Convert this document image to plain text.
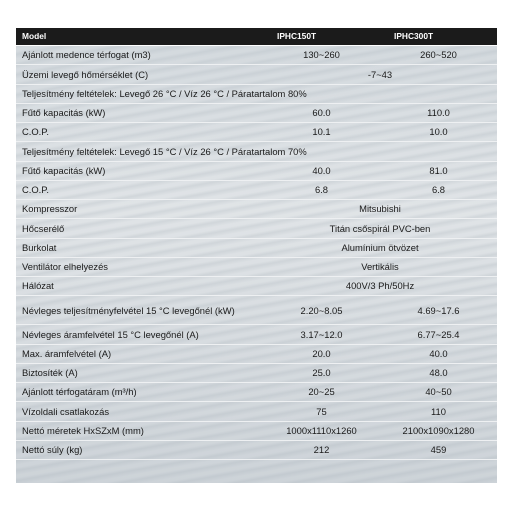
Model	IPHC150T	IPHC300T
Ajánlott medence térfogat (m3)	130~260	260~520
Üzemi levegő hőmérséklet (C)	-7~43	
Teljesítmény feltételek: Levegő 26 °C / Víz 26 °C / Páratartalom 80%		
Fűtő kapacitás (kW)	60.0	110.0
C.O.P.	10.1	10.0
Teljesítmény feltételek: Levegő 15 °C / Víz 26 °C / Páratartalom 70%		
Fűtő kapacitás (kW)	40.0	81.0
C.O.P.	6.8	6.8
Kompresszor	Mitsubishi	
Hőcserélő	Titán csőspirál PVC-ben	
Burkolat	Alumínium ötvözet	
Ventilátor elhelyezés	Vertikális	
Hálózat	400V/3 Ph/50Hz	
Névleges teljesítményfelvétel 15 °C levegőnél (kW)	2.20~8.05	4.69~17.6
Névleges áramfelvétel 15 °C levegőnél (A)	3.17~12.0	6.77~25.4
Max. áramfelvétel (A)	20.0	40.0
Biztosíték (A)	25.0	48.0
Ajánlott térfogatáram (m³/h)	20~25	40~50
Vízoldali csatlakozás	75	110
Nettó méretek HxSZxM (mm)	1000x1110x1260	2100x1090x1280
Nettó súly (kg)	212	459
